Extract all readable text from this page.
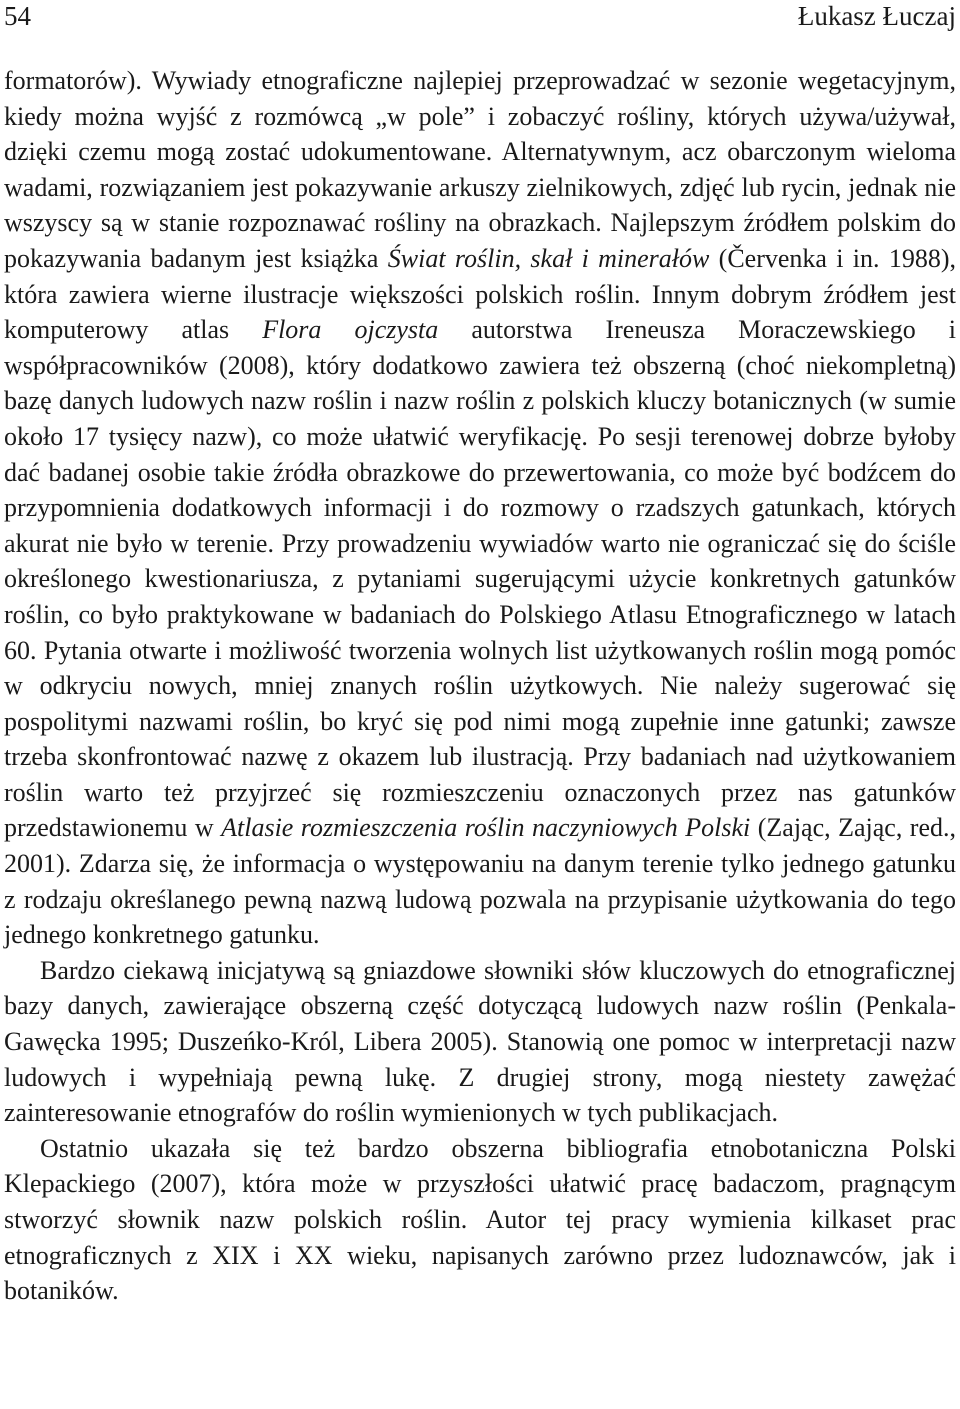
54	Łukasz Łuczaj

formatorów). Wywiady etnograficzne najlepiej przeprowadzać w sezonie wegetacyjnym, kiedy można wyjść z rozmówcą „w pole” i zobaczyć rośliny, których używa/używał, dzięki czemu mogą zostać udokumentowane. Alternatywnym, acz obarczonym wieloma wadami, rozwiązaniem jest pokazywanie arkuszy zielnikowych, zdjęć lub rycin, jednak nie wszyscy są w stanie rozpoznawać rośliny na obrazkach. Najlepszym źródłem polskim do pokazywania badanym jest książka Świat roślin, skał i minerałów (Červenka i in. 1988), która zawiera wierne ilustracje większości polskich roślin. Innym dobrym źródłem jest komputerowy atlas Flora ojczysta autorstwa Ireneusza Moraczewskiego i współpracowników (2008), który dodatkowo zawiera też obszerną (choć niekompletną) bazę danych ludowych nazw roślin i nazw roślin z polskich kluczy botanicznych (w sumie około 17 tysięcy nazw), co może ułatwić weryfikację. Po sesji terenowej dobrze byłoby dać badanej osobie takie źródła obrazkowe do przewertowania, co może być bodźcem do przypomnienia dodatkowych informacji i do rozmowy o rzadszych gatunkach, których akurat nie było w terenie. Przy prowadzeniu wywiadów warto nie ograniczać się do ściśle określonego kwestionariusza, z pytaniami sugerującymi użycie konkretnych gatunków roślin, co było praktykowane w badaniach do Polskiego Atlasu Etnograficznego w latach 60. Pytania otwarte i możliwość tworzenia wolnych list użytkowanych roślin mogą pomóc w odkryciu nowych, mniej znanych roślin użytkowych. Nie należy sugerować się pospolitymi nazwami roślin, bo kryć się pod nimi mogą zupełnie inne gatunki; zawsze trzeba skonfrontować nazwę z okazem lub ilustracją. Przy badaniach nad użytkowaniem roślin warto też przyjrzeć się rozmieszczeniu oznaczonych przez nas gatunków przedstawionemu w Atlasie rozmieszczenia roślin naczyniowych Polski (Zając, Zając, red., 2001). Zdarza się, że informacja o występowaniu na danym terenie tylko jednego gatunku z rodzaju określanego pewną nazwą ludową pozwala na przypisanie użytkowania do tego jednego konkretnego gatunku.

Bardzo ciekawą inicjatywą są gniazdowe słowniki słów kluczowych do etnograficznej bazy danych, zawierające obszerną część dotyczącą ludowych nazw roślin (Penkala-Gawęcka 1995; Duszeńko-Król, Libera 2005). Stanowią one pomoc w interpretacji nazw ludowych i wypełniają pewną lukę. Z drugiej strony, mogą niestety zawężać zainteresowanie etnografów do roślin wymienionych w tych publikacjach.

Ostatnio ukazała się też bardzo obszerna bibliografia etnobotaniczna Polski Klepackiego (2007), która może w przyszłości ułatwić pracę badaczom, pragnącym stworzyć słownik nazw polskich roślin. Autor tej pracy wymienia kilkaset prac etnograficznych z XIX i XX wieku, napisanych zarówno przez ludoznawców, jak i botaników.
